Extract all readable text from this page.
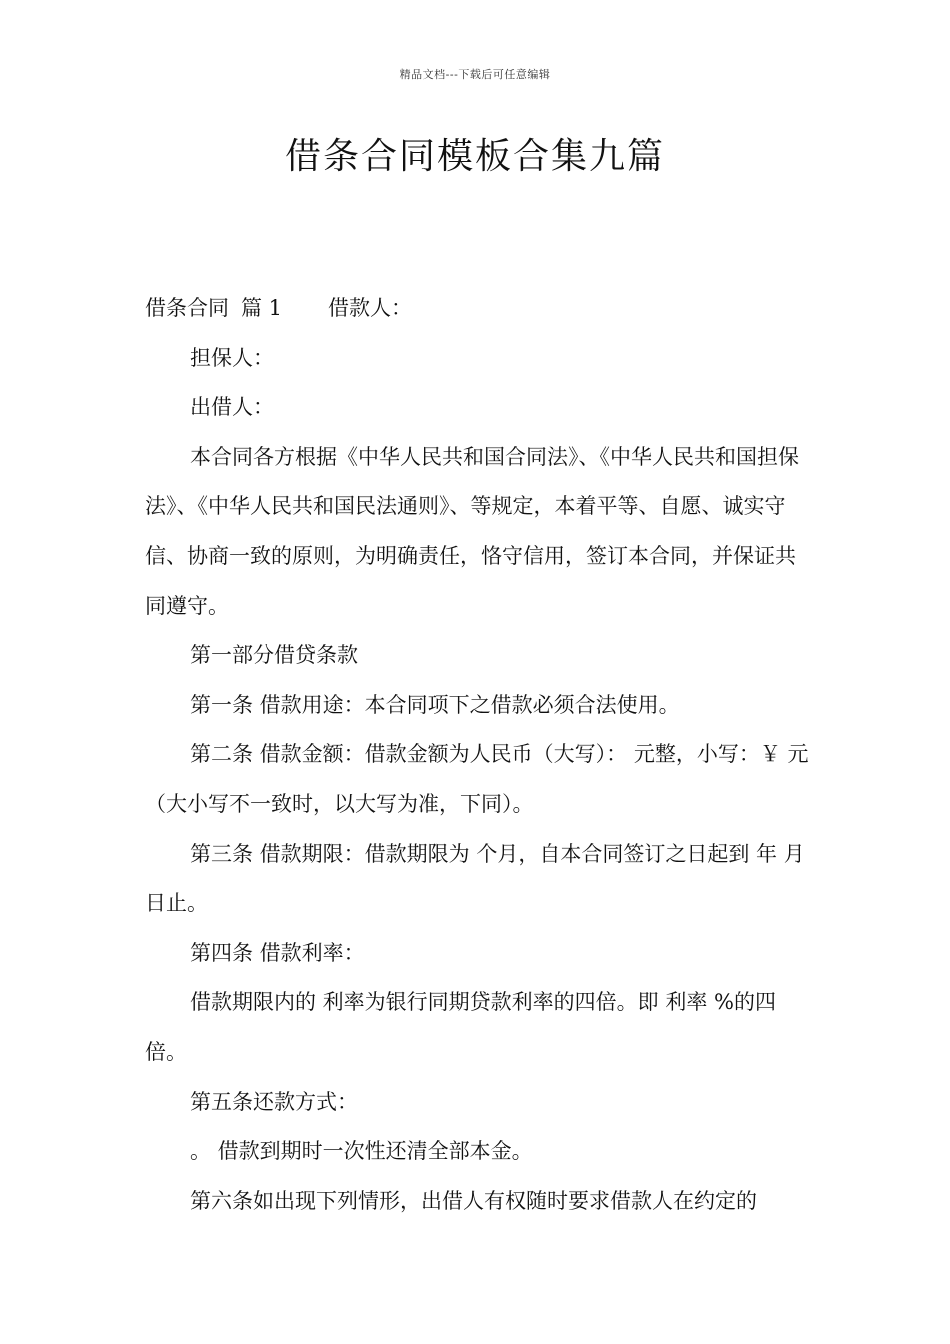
精品文档---下载后可任意编辑
借条合同模板合集九篇

借条合同 篇 1 借款人：

担保人：

出借人：

本合同各方根据《中华人民共和国合同法》、《中华人民共和国担保法》、《中华人民共和国民法通则》、等规定，本着平等、自愿、诚实守信、协商一致的原则，为明确责任，恪守信用，签订本合同，并保证共同遵守。

第一部分借贷条款

第一条 借款用途：本合同项下之借款必须合法使用。

第二条 借款金额：借款金额为人民币（大写）： 元整，小写：￥ 元（大小写不一致时，以大写为准，下同）。

第三条 借款期限：借款期限为 个月，自本合同签订之日起到 年 月 日止。

第四条 借款利率：

借款期限内的 利率为银行同期贷款利率的四倍。即 利率 %的四倍。

第五条还款方式：

。 借款到期时一次性还清全部本金。

第六条如出现下列情形，出借人有权随时要求借款人在约定的
